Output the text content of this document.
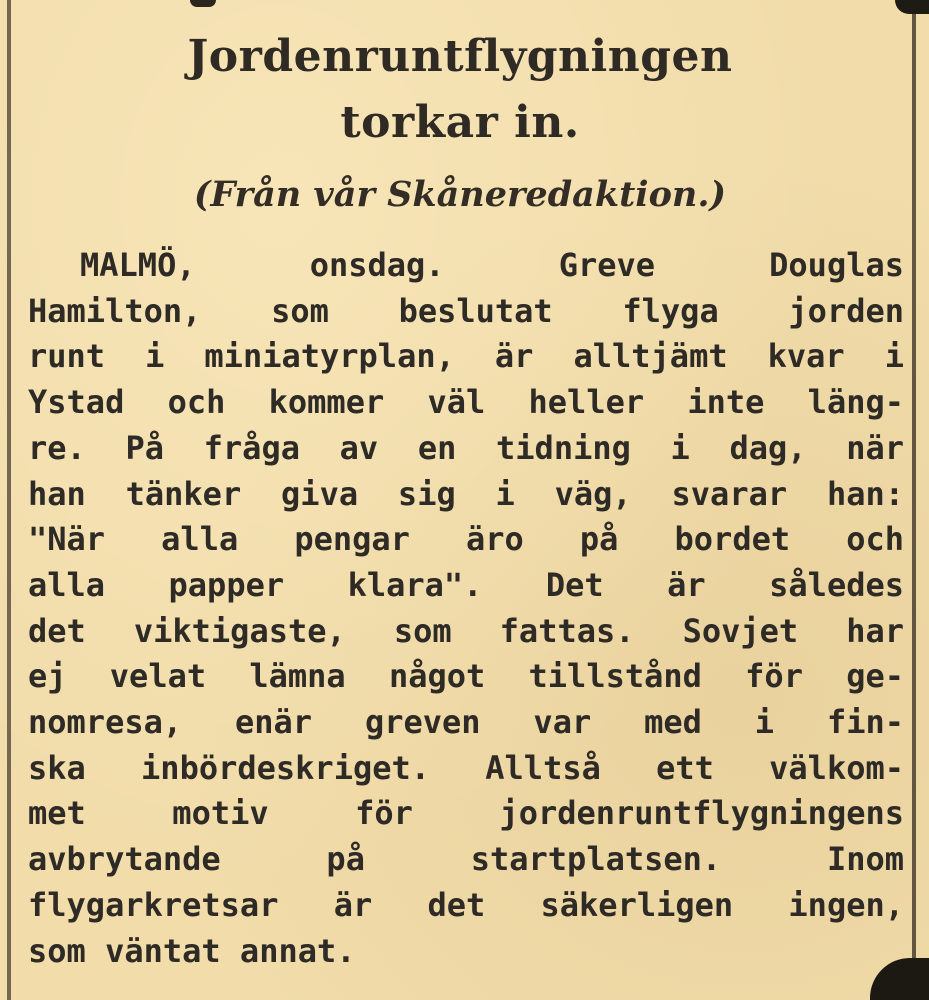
Jordenruntflygningen
torkar in.

(Från vår Skåneredaktion.)

MALMÖ, onsdag. Greve Douglas
Hamilton, som beslutat flyga jorden
runt i miniatyrplan, är alltjämt kvar i
Ystad och kommer väl heller inte läng-
re. På fråga av en tidning i dag, när
han tänker giva sig i väg, svarar han:
"När alla pengar äro på bordet och
alla papper klara". Det är således
det viktigaste, som fattas. Sovjet har
ej velat lämna något tillstånd för ge-
nomresa, enär greven var med i fin-
ska inbördeskriget. Alltså ett välkom-
met motiv för jordenruntflygningens
avbrytande på startplatsen. Inom
flygarkretsar är det säkerligen ingen,
som väntat annat.
